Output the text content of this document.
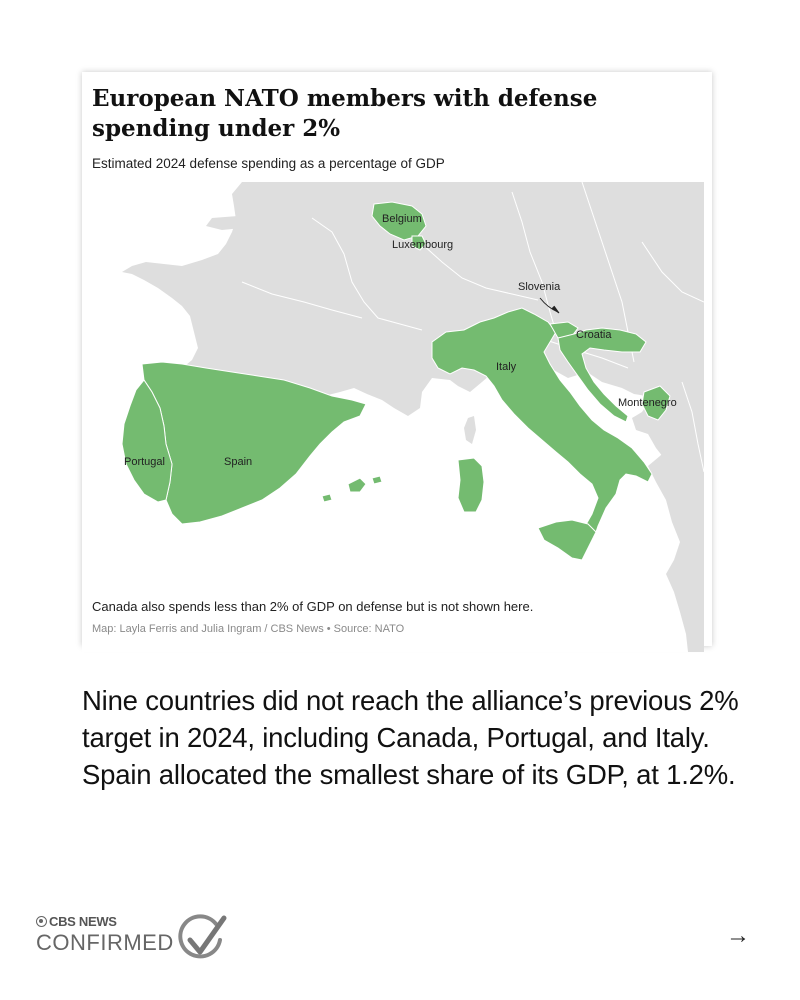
European NATO members with defense spending under 2%

Estimated 2024 defense spending as a percentage of GDP

Belgium
Luxembourg
Slovenia
Croatia
Italy
Montenegro
Portugal	Spain

Canada also spends less than 2% of GDP on defense but is not shown here.

Map: Layla Ferris and Julia Ingram / CBS News • Source: NATO

Nine countries did not reach the alliance’s previous 2% target in 2024, including Canada, Portugal, and Italy. Spain allocated the smallest share of its GDP, at 1.2%.

CBS NEWS
CONFIRMED	→
